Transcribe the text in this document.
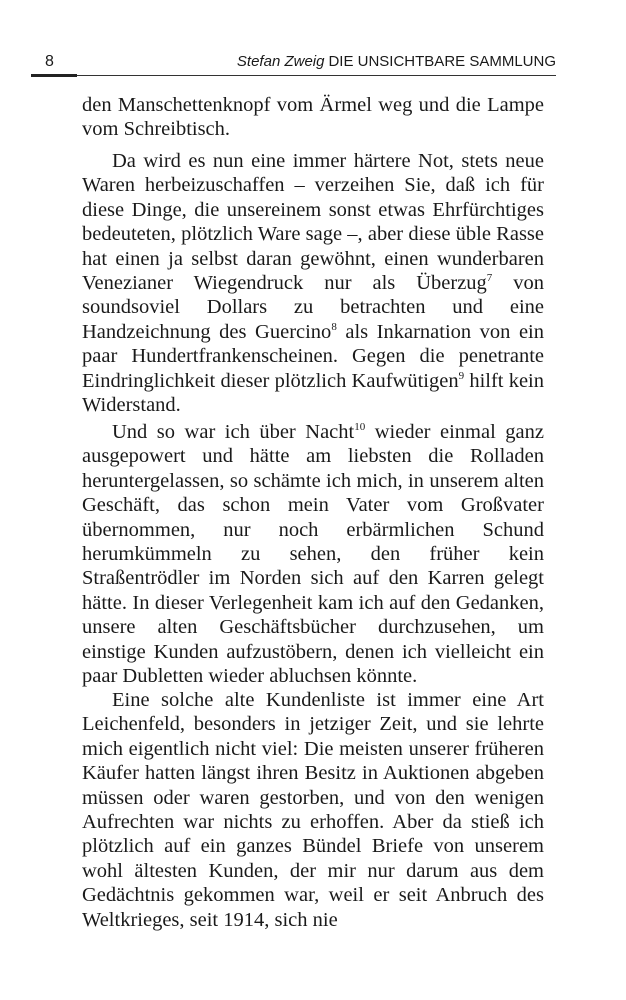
8	Stefan Zweig DIE UNSICHTBARE SAMMLUNG

den Manschettenknopf vom Ärmel weg und die Lampe vom Schreibtisch.

Da wird es nun eine immer härtere Not, stets neue Waren herbeizuschaffen – verzeihen Sie, daß ich für diese Dinge, die unsereinem sonst etwas Ehrfürchtiges bedeuteten, plötzlich Ware sage –, aber diese üble Rasse hat einen ja selbst daran gewöhnt, einen wunderbaren Venezianer Wiegendruck nur als Überzug$^7$ von soundsoviel Dollars zu betrachten und eine Handzeichnung des Guercino$^8$ als Inkarnation von ein paar Hundertfrankenscheinen. Gegen die penetrante Eindringlichkeit dieser plötzlich Kaufwütigen$^9$ hilft kein Widerstand.

Und so war ich über Nacht$^{10}$ wieder einmal ganz ausgepowert und hätte am liebsten die Rolladen heruntergelassen, so schämte ich mich, in unserem alten Geschäft, das schon mein Vater vom Großvater übernommen, nur noch erbärmlichen Schund herumkümmeln zu sehen, den früher kein Straßentrödler im Norden sich auf den Karren gelegt hätte. In dieser Verlegenheit kam ich auf den Gedanken, unsere alten Geschäftsbücher durchzusehen, um einstige Kunden aufzustöbern, denen ich vielleicht ein paar Dubletten wieder abluchsen könnte.

Eine solche alte Kundenliste ist immer eine Art Leichenfeld, besonders in jetziger Zeit, und sie lehrte mich eigentlich nicht viel: Die meisten unserer früheren Käufer hatten längst ihren Besitz in Auktionen abgeben müssen oder waren gestorben, und von den wenigen Aufrechten war nichts zu erhoffen. Aber da stieß ich plötzlich auf ein ganzes Bündel Briefe von unserem wohl ältesten Kunden, der mir nur darum aus dem Gedächtnis gekommen war, weil er seit Anbruch des Weltkrieges, seit 1914, sich nie
